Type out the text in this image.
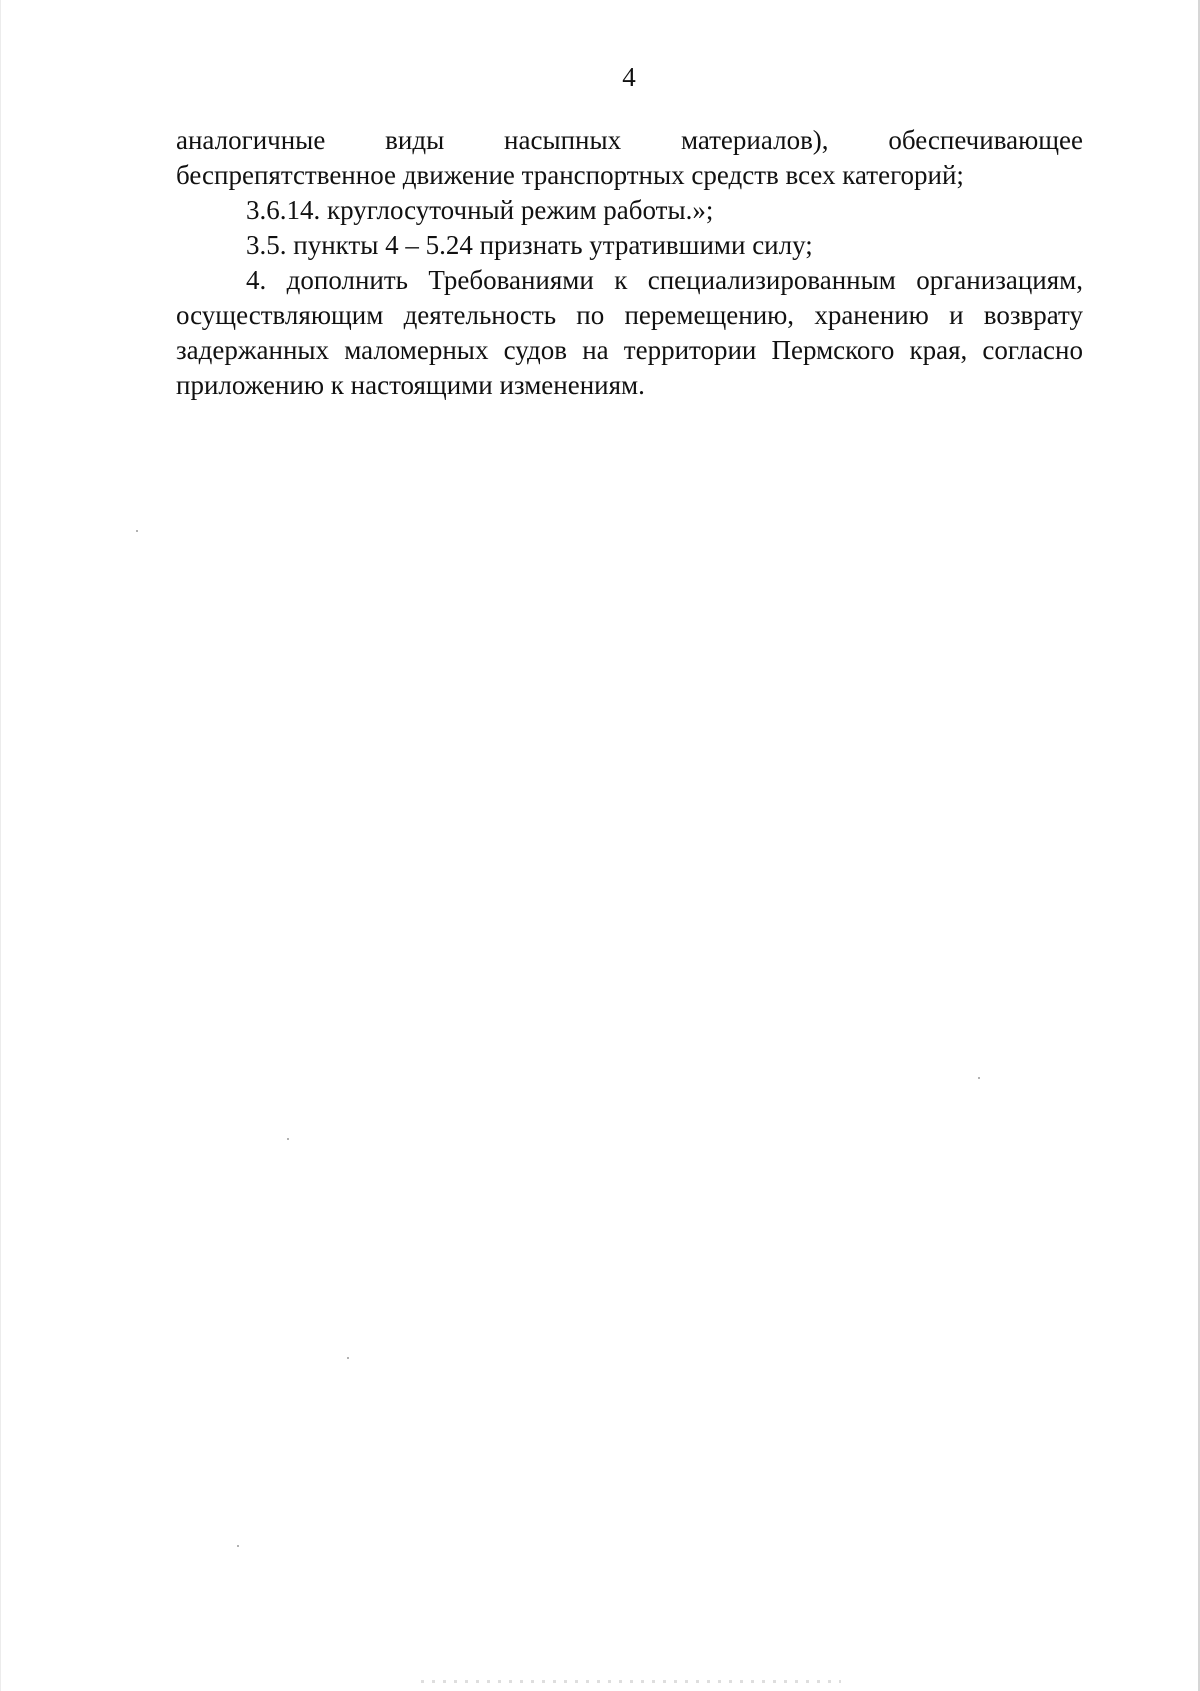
4

аналогичные виды насыпных материалов), обеспечивающее

беспрепятственное движение транспортных средств всех категорий;

3.6.14. круглосуточный режим работы.»;

3.5. пункты 4 – 5.24 признать утратившими силу;

4. дополнить Требованиями к специализированным организациям, осуществляющим деятельность по перемещению, хранению и возврату задержанных маломерных судов на территории Пермского края, согласно приложению к настоящими изменениям.
